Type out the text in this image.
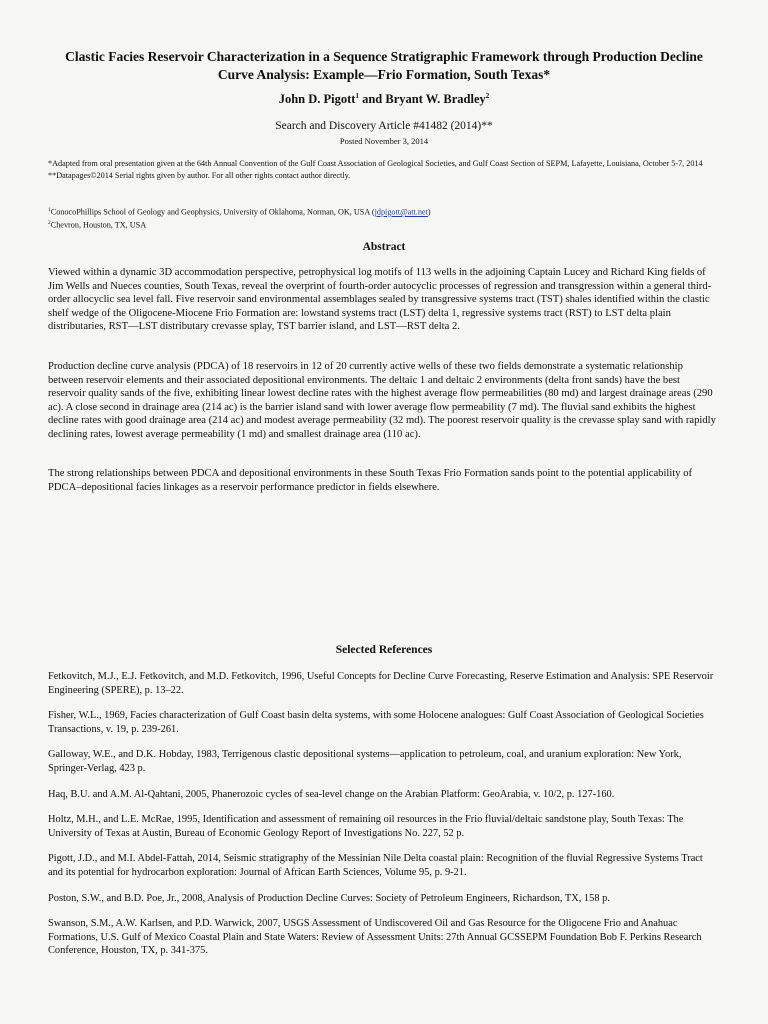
Clastic Facies Reservoir Characterization in a Sequence Stratigraphic Framework through Production Decline Curve Analysis: Example—Frio Formation, South Texas*
John D. Pigott$^1$ and Bryant W. Bradley$^2$
Search and Discovery Article #41482 (2014)**
Posted November 3, 2014
*Adapted from oral presentation given at the 64th Annual Convention of the Gulf Coast Association of Geological Societies, and Gulf Coast Section of SEPM, Lafayette, Louisiana, October 5-7, 2014
**Datapages©2014 Serial rights given by author. For all other rights contact author directly.
$^1$ConocoPhillips School of Geology and Geophysics, University of Oklahoma, Norman, OK, USA (jdpigott@att.net)
$^2$Chevron, Houston, TX, USA
Abstract
Viewed within a dynamic 3D accommodation perspective, petrophysical log motifs of 113 wells in the adjoining Captain Lucey and Richard King fields of Jim Wells and Nueces counties, South Texas, reveal the overprint of fourth-order autocyclic processes of regression and transgression within a general third-order allocyclic sea level fall. Five reservoir sand environmental assemblages sealed by transgressive systems tract (TST) shales identified within the clastic shelf wedge of the Oligocene-Miocene Frio Formation are: lowstand systems tract (LST) delta 1, regressive systems tract (RST) to LST delta plain distributaries, RST—LST distributary crevasse splay, TST barrier island, and LST—RST delta 2.
Production decline curve analysis (PDCA) of 18 reservoirs in 12 of 20 currently active wells of these two fields demonstrate a systematic relationship between reservoir elements and their associated depositional environments. The deltaic 1 and deltaic 2 environments (delta front sands) have the best reservoir quality sands of the five, exhibiting linear lowest decline rates with the highest average flow permeabilities (80 md) and largest drainage areas (290 ac). A close second in drainage area (214 ac) is the barrier island sand with lower average flow permeability (7 md). The fluvial sand exhibits the highest decline rates with good drainage area (214 ac) and modest average permeability (32 md). The poorest reservoir quality is the crevasse splay sand with rapidly declining rates, lowest average permeability (1 md) and smallest drainage area (110 ac).
The strong relationships between PDCA and depositional environments in these South Texas Frio Formation sands point to the potential applicability of PDCA–depositional facies linkages as a reservoir performance predictor in fields elsewhere.
Selected References
Fetkovitch, M.J., E.J. Fetkovitch, and M.D. Fetkovitch, 1996, Useful Concepts for Decline Curve Forecasting, Reserve Estimation and Analysis: SPE Reservoir Engineering (SPERE), p. 13–22.
Fisher, W.L., 1969, Facies characterization of Gulf Coast basin delta systems, with some Holocene analogues: Gulf Coast Association of Geological Societies Transactions, v. 19, p. 239-261.
Galloway, W.E., and D.K. Hobday, 1983, Terrigenous clastic depositional systems—application to petroleum, coal, and uranium exploration: New York, Springer-Verlag, 423 p.
Haq, B.U. and A.M. Al-Qahtani, 2005, Phanerozoic cycles of sea-level change on the Arabian Platform: GeoArabia, v. 10/2, p. 127-160.
Holtz, M.H., and L.E. McRae, 1995, Identification and assessment of remaining oil resources in the Frio fluvial/deltaic sandstone play, South Texas: The University of Texas at Austin, Bureau of Economic Geology Report of Investigations No. 227, 52 p.
Pigott, J.D., and M.I. Abdel-Fattah, 2014, Seismic stratigraphy of the Messinian Nile Delta coastal plain: Recognition of the fluvial Regressive Systems Tract and its potential for hydrocarbon exploration: Journal of African Earth Sciences, Volume 95, p. 9-21.
Poston, S.W., and B.D. Poe, Jr., 2008, Analysis of Production Decline Curves: Society of Petroleum Engineers, Richardson, TX, 158 p.
Swanson, S.M., A.W. Karlsen, and P.D. Warwick, 2007, USGS Assessment of Undiscovered Oil and Gas Resource for the Oligocene Frio and Anahuac Formations, U.S. Gulf of Mexico Coastal Plain and State Waters: Review of Assessment Units: 27th Annual GCSSEPM Foundation Bob F. Perkins Research Conference, Houston, TX, p. 341-375.
